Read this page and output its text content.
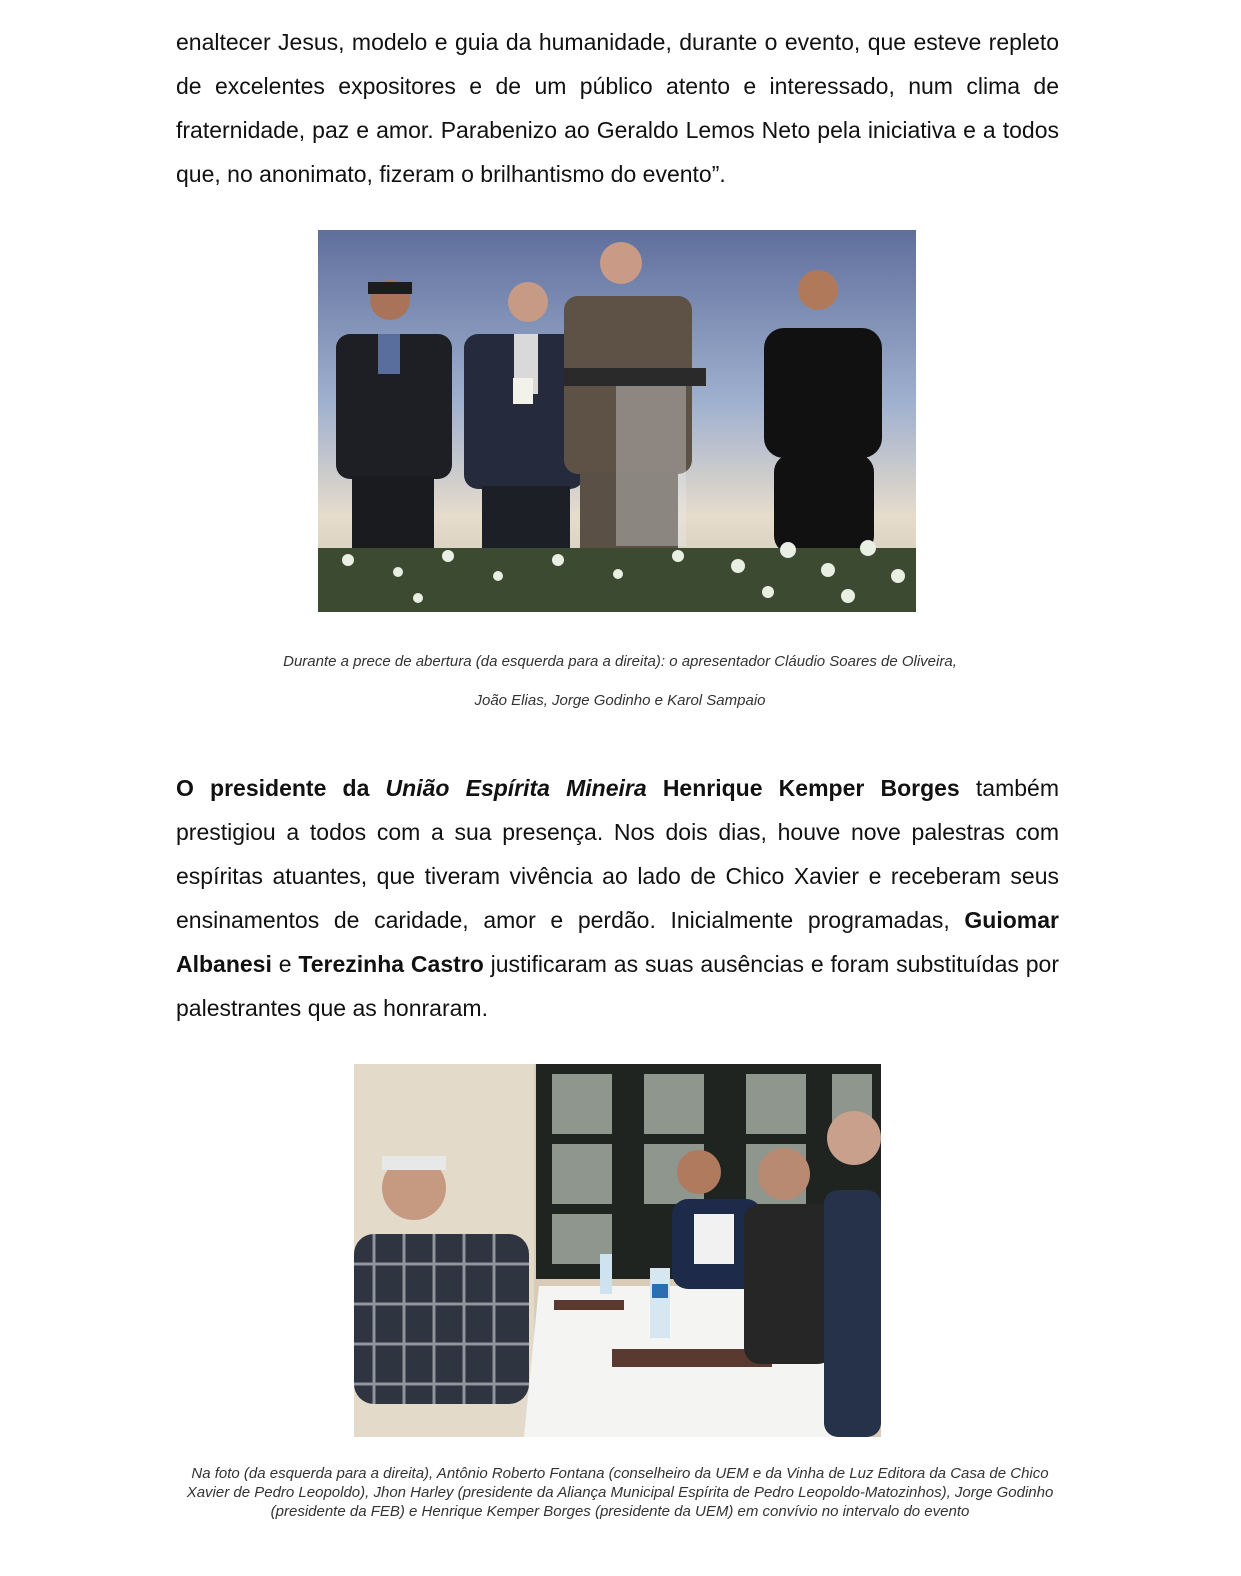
enaltecer Jesus, modelo e guia da humanidade, durante o evento, que esteve repleto de excelentes expositores e de um público atento e interessado, num clima de fraternidade, paz e amor. Parabenizo ao Geraldo Lemos Neto pela iniciativa e a todos que, no anonimato, fizeram o brilhantismo do evento”.

Durante a prece de abertura (da esquerda para a direita): o apresentador Cláudio Soares de Oliveira,
João Elias, Jorge Godinho e Karol Sampaio

O presidente da União Espírita Mineira Henrique Kemper Borges também prestigiou a todos com a sua presença. Nos dois dias, houve nove palestras com espíritas atuantes, que tiveram vivência ao lado de Chico Xavier e receberam seus ensinamentos de caridade, amor e perdão. Inicialmente programadas, Guiomar Albanesi e Terezinha Castro justificaram as suas ausências e foram substituídas por palestrantes que as honraram.

Na foto (da esquerda para a direita), Antônio Roberto Fontana (conselheiro da UEM e da Vinha de Luz Editora da Casa de Chico Xavier de Pedro Leopoldo), Jhon Harley (presidente da Aliança Municipal Espírita de Pedro Leopoldo-Matozinhos), Jorge Godinho (presidente da FEB) e Henrique Kemper Borges (presidente da UEM) em convívio no intervalo do evento
